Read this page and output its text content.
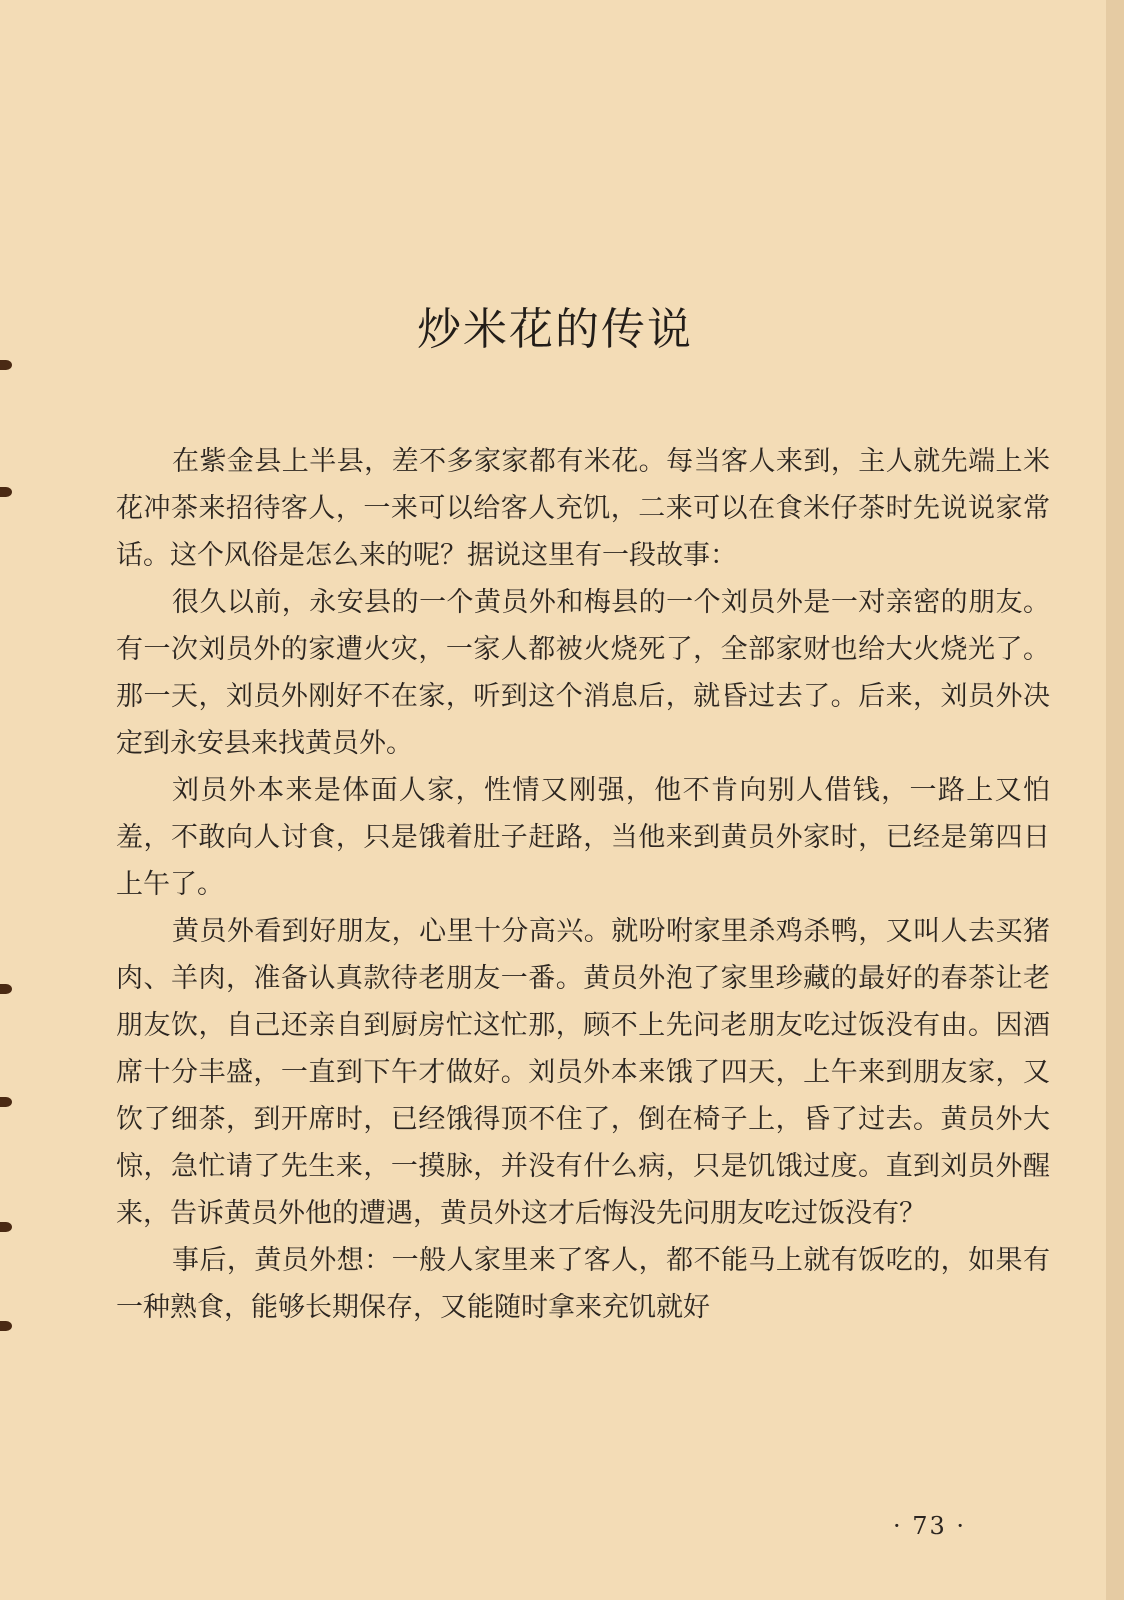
炒米花的传说

在紫金县上半县，差不多家家都有米花。每当客人来到，主人就先端上米花冲茶来招待客人，一来可以给客人充饥，二来可以在食米仔茶时先说说家常话。这个风俗是怎么来的呢？据说这里有一段故事：

很久以前，永安县的一个黄员外和梅县的一个刘员外是一对亲密的朋友。有一次刘员外的家遭火灾，一家人都被火烧死了，全部家财也给大火烧光了。那一天，刘员外刚好不在家，听到这个消息后，就昏过去了。后来，刘员外决定到永安县来找黄员外。

刘员外本来是体面人家，性情又刚强，他不肯向别人借钱，一路上又怕羞，不敢向人讨食，只是饿着肚子赶路，当他来到黄员外家时，已经是第四日上午了。

黄员外看到好朋友，心里十分高兴。就吩咐家里杀鸡杀鸭，又叫人去买猪肉、羊肉，准备认真款待老朋友一番。黄员外泡了家里珍藏的最好的春茶让老朋友饮，自己还亲自到厨房忙这忙那，顾不上先问老朋友吃过饭没有由。因酒席十分丰盛，一直到下午才做好。刘员外本来饿了四天，上午来到朋友家，又饮了细茶，到开席时，已经饿得顶不住了，倒在椅子上，昏了过去。黄员外大惊，急忙请了先生来，一摸脉，并没有什么病，只是饥饿过度。直到刘员外醒来，告诉黄员外他的遭遇，黄员外这才后悔没先问朋友吃过饭没有？

事后，黄员外想：一般人家里来了客人，都不能马上就有饭吃的，如果有一种熟食，能够长期保存，又能随时拿来充饥就好

· 73 ·
